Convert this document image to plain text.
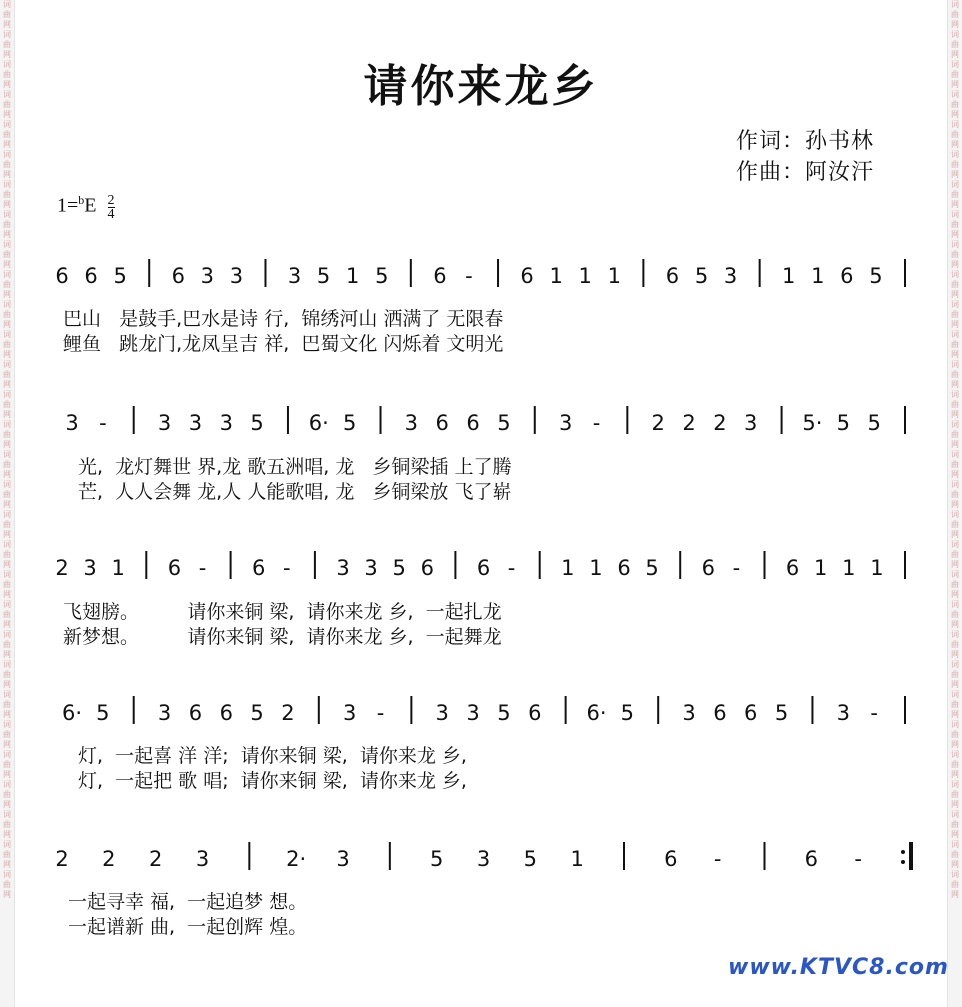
词
曲
网
词
曲
网
词
曲
网
词
曲
网
词
曲
网
词
曲
网
词
曲
网
词
曲
网
词
曲
网
词
曲
网
词
曲
网
词
曲
网
词
曲
网
词
曲
网
词
曲
网
词
曲
网
词
曲
网
词
曲
网
词
曲
网
词
曲
网
词
曲
网
词
曲
网
词
曲
网
词
曲
网
词
曲
网
词
曲
网
词
曲
网
词
曲
网
词
曲
网
词
曲
网
词
曲
网
词
曲
网
词
曲
网
词
曲
网
词
曲
网
词
曲
网
词
曲
网
词
曲
网
词
曲
网
词
曲
网
词
曲
网
词
曲
网
词
曲
网
词
曲
网
词
曲
网
词
曲
网
词
曲
网
词
曲
网
词
曲
网
词
曲
网
词
曲
网
词
曲
网
词
曲
网
词
曲
网
词
曲
网
词
曲
网
词
曲
网
词
曲
网
词
曲
网
词
曲
网
请你来龙乡
作词：孙书林
作曲：阿汝汗
$1=^bE \frac{2}{4}$
6 6 5 6 3 3 3 5 1 5 6 - 6 1 1 1 6 5 3 1 1 6 5
3 - 3 3 3 5 6· 5 3 6 6 5 3 - 2 2 2 3 5· 5 5
2 3 1 6 - 6 - 3 3 5 6 6 - 1 1 6 5 6 - 6 1 1 1
6· 5 3 6 6 5 2 3 - 3 3 5 6 6· 5 3 6 6 5 3 -
2 2 2 3	2· 3	5 3 5 1	6 -	6 -
巴山   是鼓手,巴水是诗 行,  锦绣河山 洒满了 无限春
鲤鱼   跳龙门,龙凤呈吉 祥,  巴蜀文化 闪烁着 文明光
光,  龙灯舞世 界,龙 歌五洲唱, 龙   乡铜梁插 上了腾
芒,  人人会舞 龙,人 人能歌唱, 龙   乡铜梁放 飞了崭
飞翅膀。        请你来铜 梁,  请你来龙 乡,  一起扎龙
新梦想。        请你来铜 梁,  请你来龙 乡,  一起舞龙
灯,  一起喜 洋 洋;  请你来铜 梁,  请你来龙 乡,
灯,  一起把 歌 唱;  请你来铜 梁,  请你来龙 乡,
一起寻幸 福,  一起追梦 想。
一起谱新 曲,  一起创辉 煌。
www.KTVC8.com
